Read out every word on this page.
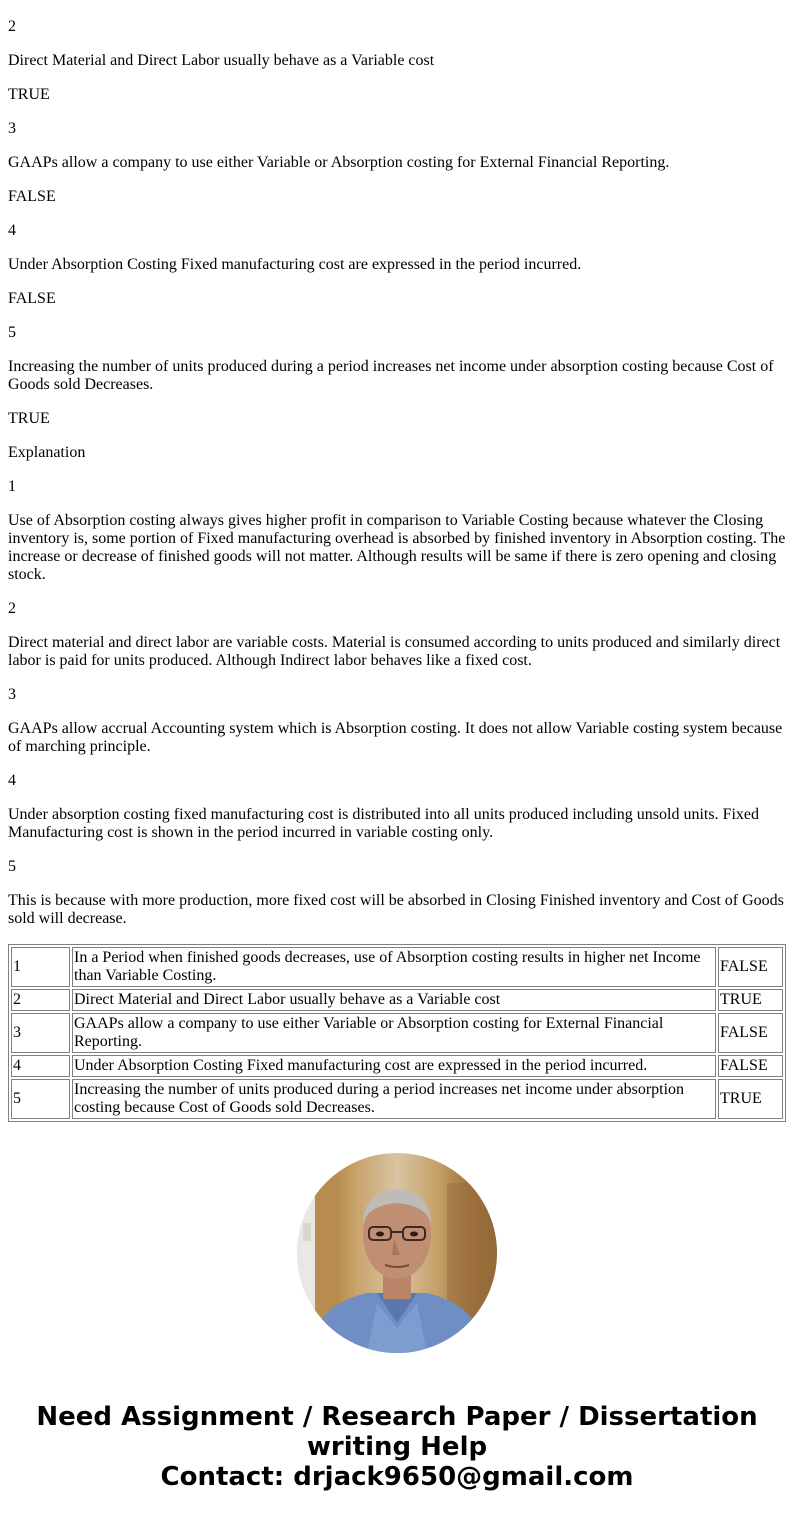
2

Direct Material and Direct Labor usually behave as a Variable cost

TRUE

3

GAAPs allow a company to use either Variable or Absorption costing for External Financial Reporting.

FALSE

4

Under Absorption Costing Fixed manufacturing cost are expressed in the period incurred.

FALSE

5

Increasing the number of units produced during a period increases net income under absorption costing because Cost of Goods sold Decreases.

TRUE

Explanation

1

Use of Absorption costing always gives higher profit in comparison to Variable Costing because whatever the Closing inventory is, some portion of Fixed manufacturing overhead is absorbed by finished inventory in Absorption costing. The increase or decrease of finished goods will not matter. Although results will be same if there is zero opening and closing stock.

2

Direct material and direct labor are variable costs. Material is consumed according to units produced and similarly direct labor is paid for units produced. Although Indirect labor behaves like a fixed cost.

3

GAAPs allow accrual Accounting system which is Absorption costing. It does not allow Variable costing system because of marching principle.

4

Under absorption costing fixed manufacturing cost is distributed into all units produced including unsold units. Fixed Manufacturing cost is shown in the period incurred in variable costing only.

5

This is because with more production, more fixed cost will be absorbed in Closing Finished inventory and Cost of Goods sold will decrease.

1	In a Period when finished goods decreases, use of Absorption costing results in higher net Income than Variable Costing.	FALSE
2	Direct Material and Direct Labor usually behave as a Variable cost	TRUE
3	GAAPs allow a company to use either Variable or Absorption costing for External Financial Reporting.	FALSE
4	Under Absorption Costing Fixed manufacturing cost are expressed in the period incurred.	FALSE
5	Increasing the number of units produced during a period increases net income under absorption costing because Cost of Goods sold Decreases.	TRUE
Need Assignment / Research Paper / Dissertation writing Help
Contact: drjack9650@gmail.com
